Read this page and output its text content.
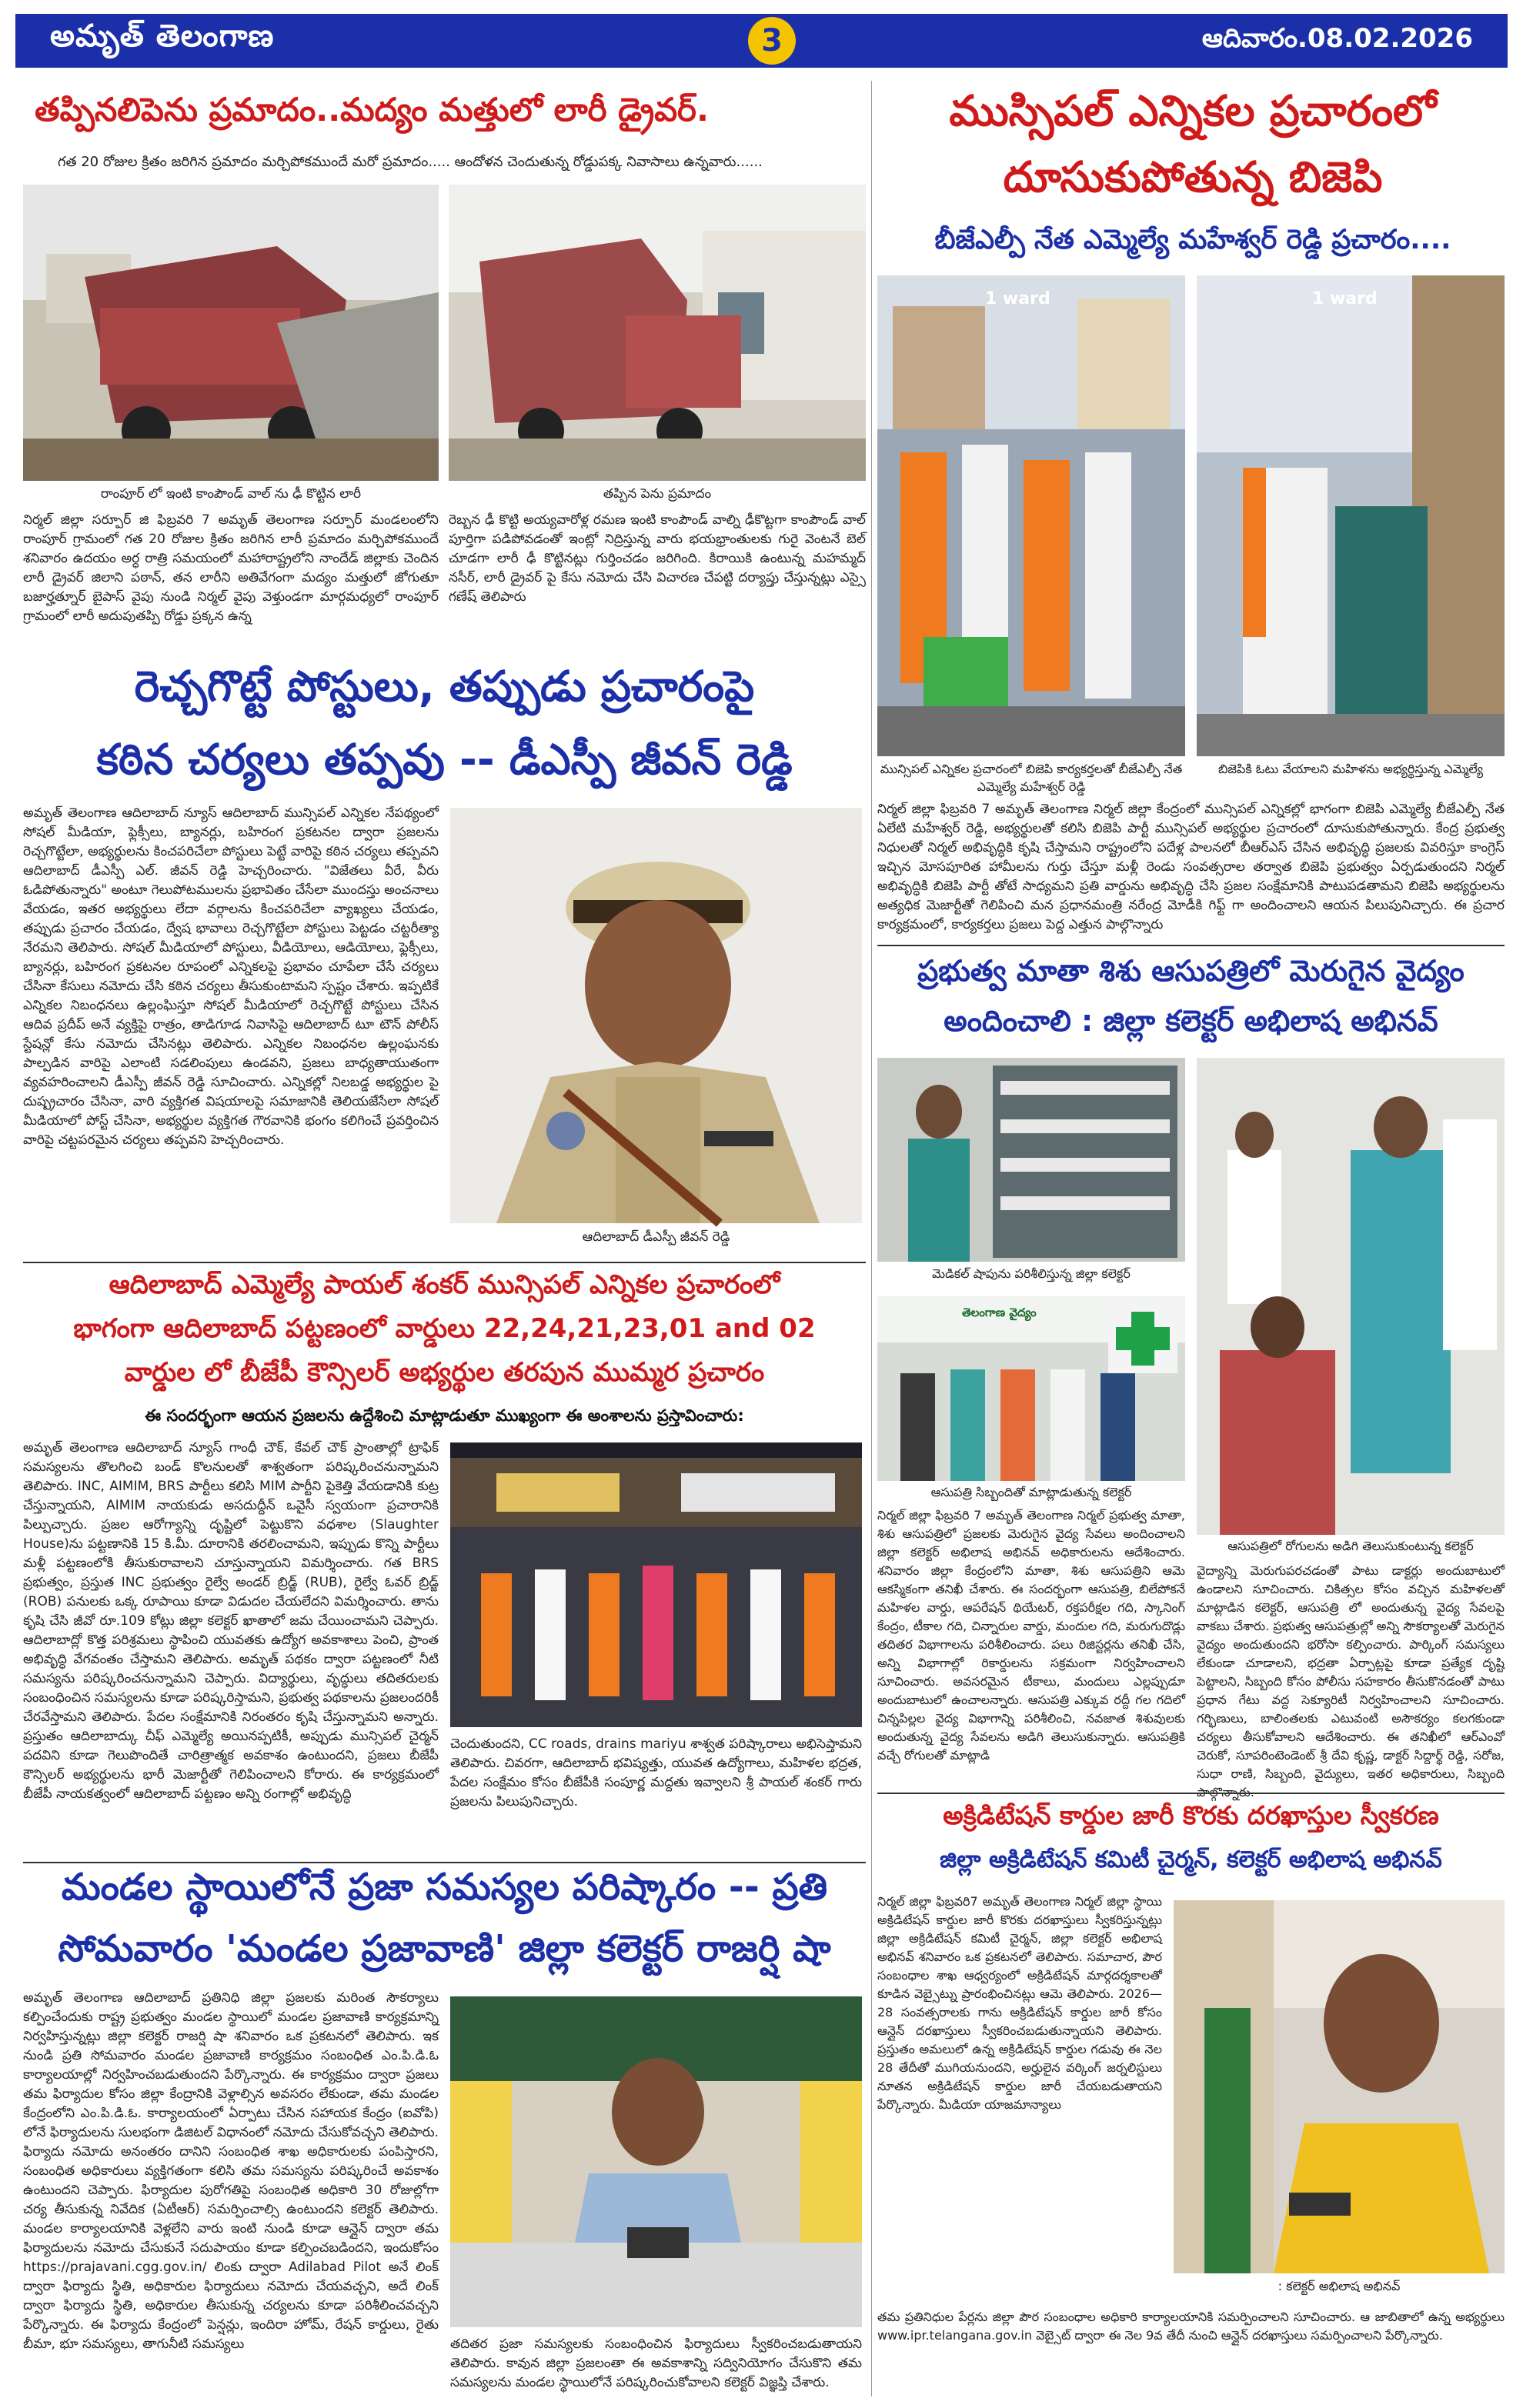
అమృత్ తెలంగాణ	3	ఆదివారం.08.02.2026
తప్పినలిపెను ప్రమాదం..మద్యం మత్తులో లారీ డ్రైవర్.
గత 20 రోజుల క్రితం జరిగిన ప్రమాదం మర్చిపోకముందే మరో ప్రమాదం..... ఆందోళన చెందుతున్న రోడ్డుపక్క నివాసాలు ఉన్నవారు......
రాంపూర్ లో ఇంటి కాంపౌండ్ వాల్ ను ఢీ కొట్టిన లారీ	తప్పిన పెను ప్రమాదం
నిర్మల్ జిల్లా సర్పూర్ జి ఫిబ్రవరి 7 అమృత్ తెలంగాణ సర్పూర్ మండలంలోని రాంపూర్ గ్రామంలో గత 20 రోజుల క్రితం జరిగిన లారీ ప్రమాదం మర్చిపోకముందే శనివారం ఉదయం అర్ధ రాత్రి సమయంలో మహారాష్ట్రలోని నాందేడ్ జిల్లాకు చెందిన లారీ డ్రైవర్ జిలాని పఠాన్, తన లారీని అతివేగంగా మద్యం మత్తులో జోగుతూ బజార్హత్నూర్ బైపాస్ వైపు నుండి నిర్మల్ వైపు వెళ్తుండగా మార్గమధ్యలో రాంపూర్ గ్రామంలో లారీ అదుపుతప్పి రోడ్డు ప్రక్కన ఉన్న
రెబ్బన ఢీ కొట్టి అయ్యవారోళ్ల రమణ ఇంటి కాంపౌండ్ వాల్ని ఢీకొట్టగా కాంపౌండ్ వాల్ పూర్తిగా పడిపోవడంతో ఇంట్లో నిద్రిస్తున్న వారు భయభ్రాంతులకు గురై వెంటనే బెల్ చూడగా లారీ ఢీ కొట్టినట్లు గుర్తించడం జరిగింది. కిరాయికి ఉంటున్న మహమ్మద్ నసీర్, లారీ డ్రైవర్ పై కేసు నమోదు చేసి విచారణ చేపట్టి దర్యాప్తు చేస్తున్నట్లు ఎస్సై గణేష్ తెలిపారు
రెచ్చగొట్టే పోస్టులు, తప్పుడు ప్రచారంపై
కఠిన చర్యలు తప్పవు -- డీఎస్పీ జీవన్ రెడ్డి
అమృత్ తెలంగాణ ఆదిలాబాద్ న్యూస్ ఆదిలాబాద్ మున్సిపల్ ఎన్నికల నేపథ్యంలో సోషల్ మీడియా, ఫ్లెక్సీలు, బ్యానర్లు, బహిరంగ ప్రకటనల ద్వారా ప్రజలను రెచ్చగొట్టేలా, అభ్యర్థులను కించపరిచేలా పోస్టులు పెట్టే వారిపై కఠిన చర్యలు తప్పవని ఆదిలాబాద్ డీఎస్పీ ఎల్. జీవన్ రెడ్డి హెచ్చరించారు. "విజేతలు వీరే, వీరు ఓడిపోతున్నారు" అంటూ గెలుపోటములను ప్రభావితం చేసేలా ముందస్తు అంచనాలు వేయడం, ఇతర అభ్యర్థులు లేదా వర్గాలను కించపరిచేలా వ్యాఖ్యలు చేయడం, తప్పుడు ప్రచారం చేయడం, ద్వేష భావాలు రెచ్చగొట్టేలా పోస్టులు పెట్టడం చట్టరీత్యా నేరమని తెలిపారు. సోషల్ మీడియాలో పోస్టులు, వీడియోలు, ఆడియోలు, ఫ్లెక్సీలు, బ్యానర్లు, బహిరంగ ప్రకటనల రూపంలో ఎన్నికలపై ప్రభావం చూపేలా చేసే చర్యలు చేసినా కేసులు నమోదు చేసి కఠిన చర్యలు తీసుకుంటామని స్పష్టం చేశారు. ఇప్పటికే ఎన్నికల నిబంధనలు ఉల్లంఘిస్తూ సోషల్ మీడియాలో రెచ్చగొట్టే పోస్టులు చేసిన ఆదివ ప్రదీప్ అనే వ్యక్తిపై రాత్రం, తాడిగూడ నివాసిపై ఆదిలాబాద్ టూ టౌన్ పోలీస్ స్టేషన్లో కేసు నమోదు చేసినట్లు తెలిపారు. ఎన్నికల నిబంధనల ఉల్లంఘనకు పాల్పడిన వారిపై ఎలాంటి సడలింపులు ఉండవని, ప్రజలు బాధ్యతాయుతంగా వ్యవహరించాలని డీఎస్పీ జీవన్ రెడ్డి సూచించారు. ఎన్నికల్లో నిలబడ్డ అభ్యర్థుల పై దుష్ప్రచారం చేసినా, వారి వ్యక్తిగత విషయాలపై సమాజానికి తెలియజేసేలా సోషల్ మీడియాలో పోస్ట్ చేసినా, అభ్యర్థుల వ్యక్తిగత గౌరవానికి భంగం కలిగించే ప్రవర్తించిన వారిపై చట్టపరమైన చర్యలు తప్పవని హెచ్చరించారు.
ఆదిలాబాద్ డీఎస్పీ జీవన్ రెడ్డి
ఆదిలాబాద్ ఎమ్మెల్యే పాయల్ శంకర్ మున్సిపల్ ఎన్నికల ప్రచారంలో
భాగంగా ఆదిలాబాద్ పట్టణంలో వార్డులు 22,24,21,23,01 and 02
వార్డుల లో బీజేపీ కౌన్సిలర్ అభ్యర్థుల తరపున ముమ్మర ప్రచారం
ఈ సందర్భంగా ఆయన ప్రజలను ఉద్దేశించి మాట్లాడుతూ ముఖ్యంగా ఈ అంశాలను ప్రస్తావించారు:
అమృత్ తెలంగాణ ఆదిలాబాద్ న్యూస్ గాంధీ చౌక్, కేవల్ చౌక్ ప్రాంతాల్లో ట్రాఫిక్ సమస్యలను తొలగించి బండ్ కొలనులతో శాశ్వతంగా పరిష్కరించనున్నామని తెలిపారు. INC, AIMIM, BRS పార్టీలు కలిసి MIM పార్టీని పైకెత్తి వేయడానికి కుట్ర చేస్తున్నాయని, AIMIM నాయకుడు అసదుద్దీన్ ఒవైసీ స్వయంగా ప్రచారానికి పిల్పుచ్చారు. ప్రజల ఆరోగ్యాన్ని దృష్టిలో పెట్టుకొని వధశాల (Slaughter House)ను పట్టణానికి 15 కి.మీ. దూరానికి తరలించామని, ఇప్పుడు కొన్ని పార్టీలు మళ్లీ పట్టణంలోకి తీసుకురావాలని చూస్తున్నాయని విమర్శించారు. గత BRS ప్రభుత్వం, ప్రస్తుత INC ప్రభుత్వం రైల్వే అండర్ బ్రిడ్జ్ (RUB), రైల్వే ఓవర్ బ్రిడ్జ్ (ROB) పనులకు ఒక్క రూపాయి కూడా విడుదల చేయలేదని విమర్శించారు. తాను కృషి చేసి జీవో రూ.109 కోట్లు జిల్లా కలెక్టర్ ఖాతాలో జమ చేయించామని చెప్పారు. ఆదిలాబాద్లో కొత్త పరిశ్రమలు స్థాపించి యువతకు ఉద్యోగ అవకాశాలు పెంచి, ప్రాంత అభివృద్ధి వేగవంతం చేస్తామని తెలిపారు. అమృత్ పథకం ద్వారా పట్టణంలో నీటి సమస్యను పరిష్కరించనున్నామని చెప్పారు. విద్యార్థులు, వృద్ధులు తదితరులకు సంబంధించిన సమస్యలను కూడా పరిష్కరిస్తామని, ప్రభుత్వ పథకాలను ప్రజలందరికీ చేరవేస్తామని తెలిపారు. పేదల సంక్షేమానికి నిరంతరం కృషి చేస్తున్నామని అన్నారు. ప్రస్తుతం ఆదిలాబాద్కు చీఫ్ ఎమ్మెల్యే అయినప్పటికీ, అప్పుడు మున్సిపల్ చైర్మన్ పదవిని కూడా గెలుపొందితే చారిత్రాత్మక అవకాశం ఉంటుందని, ప్రజలు బీజేపీ కౌన్సిలర్ అభ్యర్థులను భారీ మెజార్టీతో గెలిపించాలని కోరారు. ఈ కార్యక్రమంలో బీజేపీ నాయకత్వంలో ఆదిలాబాద్ పట్టణం అన్ని రంగాల్లో అభివృద్ధి
చెందుతుందని, CC roads, drains mariyu శాశ్వత పరిష్కారాలు అభిసెప్తామని తెలిపారు. చివరగా, ఆదిలాబాద్ భవిష్యత్తు, యువత ఉద్యోగాలు, మహిళల భద్రత, పేదల సంక్షేమం కోసం బీజేపీకి సంపూర్ణ మద్దతు ఇవ్వాలని శ్రీ పాయల్ శంకర్ గారు ప్రజలను పిలుపునిచ్చారు.
మండల స్థాయిలోనే ప్రజా సమస్యల పరిష్కారం -- ప్రతి
సోమవారం 'మండల ప్రజావాణి' జిల్లా కలెక్టర్ రాజర్షి షా
అమృత్ తెలంగాణ ఆదిలాబాద్ ప్రతినిధి జిల్లా ప్రజలకు మరింత సౌకర్యాలు కల్పించేందుకు రాష్ట్ర ప్రభుత్వం మండల స్థాయిలో మండల ప్రజావాణి కార్యక్రమాన్ని నిర్వహిస్తున్నట్లు జిల్లా కలెక్టర్ రాజర్షి షా శనివారం ఒక ప్రకటనలో తెలిపారు. ఇక నుండి ప్రతి సోమవారం మండల ప్రజావాణి కార్యక్రమం సంబంధిత ఎం.పి.డి.ఓ కార్యాలయాల్లో నిర్వహించబడుతుందని పేర్కొన్నారు. ఈ కార్యక్రమం ద్వారా ప్రజలు తమ ఫిర్యాదుల కోసం జిల్లా కేంద్రానికి వెళ్లాల్సిన అవసరం లేకుండా, తమ మండల కేంద్రంలోని ఎం.పి.డి.ఓ. కార్యాలయంలో ఏర్పాటు చేసిన సహాయక కేంద్రం (ఐవోపి) లోనే ఫిర్యాదులను సులభంగా డిజిటల్ విధానంలో నమోదు చేసుకోవచ్చని తెలిపారు. ఫిర్యాదు నమోదు అనంతరం దానిని సంబంధిత శాఖ అధికారులకు పంపిస్తారని, సంబంధిత అధికారులు వ్యక్తిగతంగా కలిసి తమ సమస్యను పరిష్కరించే అవకాశం ఉంటుందని చెప్పారు. ఫిర్యాదుల పురోగతిపై సంబంధిత అధికారి 30 రోజుల్లోగా చర్య తీసుకున్న నివేదిక (ఏటీఆర్) సమర్పించాల్సి ఉంటుందని కలెక్టర్ తెలిపారు. మండల కార్యాలయానికి వెళ్లలేని వారు ఇంటి నుండి కూడా ఆన్లైన్ ద్వారా తమ ఫిర్యాదులను నమోదు చేసుకునే సదుపాయం కూడా కల్పించబడిందని, ఇందుకోసం https://prajavani.cgg.gov.in/ లింకు ద్వారా Adilabad Pilot అనే లింక్ ద్వారా ఫిర్యాదు స్థితి, అధికారుల ఫిర్యాదులు నమోదు చేయవచ్చని, అదే లింక్ ద్వారా ఫిర్యాదు స్థితి, అధికారుల తీసుకున్న చర్యలను కూడా పరిశీలించవచ్చని పేర్కొన్నారు. ఈ ఫిర్యాదు కేంద్రంలో పెన్షన్లు, ఇందిరా హోమ్, రేషన్ కార్డులు, రైతు బీమా, భూ సమస్యలు, తాగునీటి సమస్యలు	తదితర ప్రజా సమస్యలకు సంబంధించిన ఫిర్యాదులు స్వీకరించబడుతాయని తెలిపారు. కావున జిల్లా ప్రజలంతా ఈ అవకాశాన్ని సద్వినియోగం చేసుకొని తమ సమస్యలను మండల స్థాయిలోనే పరిష్కరించుకోవాలని కలెక్టర్ విజ్ఞప్తి చేశారు.
ముస్సిపల్ ఎన్నికల ప్రచారంలో
దూసుకుపోతున్న బిజెపి
బీజేఎల్పీ నేత ఎమ్మెల్యే మహేశ్వర్ రెడ్డి ప్రచారం....
1 ward	1 ward
మున్సిపల్ ఎన్నికల ప్రచారంలో బిజెపి కార్యకర్తలతో బీజేఎల్పీ నేత ఎమ్మెల్యే మహేశ్వర్ రెడ్డి
బిజెపికి ఓటు వేయాలని మహిళను అభ్యర్థిస్తున్న ఎమ్మెల్యే
నిర్మల్ జిల్లా ఫిబ్రవరి 7 అమృత్ తెలంగాణ నిర్మల్ జిల్లా కేంద్రంలో మున్సిపల్ ఎన్నికల్లో భాగంగా బిజెపి ఎమ్మెల్యే బీజేఎల్పీ నేత ఏలేటి మహేశ్వర్ రెడ్డి, అభ్యర్థులతో కలిసి బిజెపి పార్టీ మున్సిపల్ అభ్యర్థుల ప్రచారంలో దూసుకుపోతున్నారు. కేంద్ర ప్రభుత్వ నిధులతో నిర్మల్ అభివృద్ధికి కృషి చేస్తామని రాష్ట్రంలోని పదేళ్ల పాలనలో బీఆర్ఎస్ చేసిన అభివృద్ధి ప్రజలకు వివరిస్తూ కాంగ్రెస్ ఇచ్చిన మోసపూరిత హామీలను గుర్తు చేస్తూ మళ్లీ రెండు సంవత్సరాల తర్వాత బిజెపి ప్రభుత్వం ఏర్పడుతుందని నిర్మల్ అభివృద్ధికి బిజెపి పార్టీ తోటే సాధ్యమని ప్రతి వార్డును అభివృద్ధి చేసి ప్రజల సంక్షేమానికి పాటుపడతామని బిజెపి అభ్యర్థులను అత్యధిక మెజార్టీతో గెలిపించి మన ప్రధానమంత్రి నరేంద్ర మోడీకి గిఫ్ట్ గా అందించాలని ఆయన పిలుపునిచ్చారు. ఈ ప్రచార కార్యక్రమంలో, కార్యకర్తలు ప్రజలు పెద్ద ఎత్తున పాల్గొన్నారు
ప్రభుత్వ మాతా శిశు ఆసుపత్రిలో మెరుగైన వైద్యం
అందించాలి : జిల్లా కలెక్టర్ అభిలాష అభినవ్
మెడికల్ షాపును పరిశీలిస్తున్న జిల్లా కలెక్టర్
తెలంగాణ వైద్యం
ఆసుపత్రి సిబ్బందితో మాట్లాడుతున్న కలెక్టర్
ఆసుపత్రిలో రోగులను అడిగి తెలుసుకుంటున్న కలెక్టర్
నిర్మల్ జిల్లా ఫిబ్రవరి 7 అమృత్ తెలంగాణ నిర్మల్ ప్రభుత్వ మాతా, శిశు ఆసుపత్రిలో ప్రజలకు మెరుగైన వైద్య సేవలు అందించాలని జిల్లా కలెక్టర్ అభిలాష అభినవ్ అధికారులను ఆదేశించారు. శనివారం జిల్లా కేంద్రంలోని మాతా, శిశు ఆసుపత్రిని ఆమె ఆకస్మికంగా తనిఖీ చేశారు. ఈ సందర్భంగా ఆసుపత్రి, బిలేపోకనే మహిళల వార్డు, ఆపరేషన్ థియేటర్, రక్తపరీక్షల గది, స్కానింగ్ కేంద్రం, టీకాల గది, చిన్నారుల వార్డు, మందుల గది, మరుగుదొడ్లు తదితర విభాగాలను పరిశీలించారు. పలు రిజిస్టర్లను తనిఖీ చేసి, అన్ని విభాగాల్లో రికార్డులను సక్రమంగా నిర్వహించాలని సూచించారు. అవసరమైన టీకాలు, మందులు ఎల్లప్పుడూ అందుబాటులో ఉంచాలన్నారు. ఆసుపత్రి ఎక్కువ రద్దీ గల గదిలో చిన్నపిల్లల వైద్య విభాగాన్ని పరిశీలించి, నవజాత శిశువులకు అందుతున్న వైద్య సేవలను అడిగి తెలుసుకున్నారు. ఆసుపత్రికి వచ్చే రోగులతో మాట్లాడి
వైద్యాన్ని మెరుగుపరచడంతో పాటు డాక్టర్లు అందుబాటులో ఉండాలని సూచించారు. చికిత్సల కోసం వచ్చిన మహిళలతో మాట్లాడిన కలెక్టర్, ఆసుపత్రి లో అందుతున్న వైద్య సేవలపై వాకబు చేశారు. ప్రభుత్వ ఆసుపత్రుల్లో అన్ని సౌకర్యాలతో మెరుగైన వైద్యం అందుతుందని భరోసా కల్పించారు. పార్కింగ్ సమస్యలు లేకుండా చూడాలని, భద్రతా ఏర్పాట్లపై కూడా ప్రత్యేక దృష్టి పెట్టాలని, సిబ్బంది కోసం పోలీసు సహకారం తీసుకొనడంతో పాటు ప్రధాన గేటు వద్ద సెక్యూరిటీ నిర్వహించాలని సూచించారు. గర్భిణులు, బాలింతలకు ఎటువంటి అసౌకర్యం కలగకుండా చర్యలు తీసుకోవాలని ఆదేశించారు. ఈ తనిఖీలో ఆర్ఎంవో చెరుకో, సూపరింటెండెంట్ శ్రీ దేవి కృష్ణ, డాక్టర్ సిద్దార్థ్ రెడ్డి, సరోజ, సుధా రాణి, సిబ్బంది, వైద్యులు, ఇతర అధికారులు, సిబ్బంది
అక్రిడిటేషన్ కార్డుల జారీ కొరకు దరఖాస్తుల స్వీకరణ
జిల్లా అక్రిడిటేషన్ కమిటీ చైర్మన్, కలెక్టర్ అభిలాష అభినవ్
నిర్మల్ జిల్లా ఫిబ్రవరి7 అమృత్ తెలంగాణ నిర్మల్ జిల్లా స్థాయి అక్రిడిటేషన్ కార్డుల జారీ కొరకు దరఖాస్తులు స్వీకరిస్తున్నట్లు జిల్లా అక్రిడిటేషన్ కమిటీ చైర్మన్, జిల్లా కలెక్టర్ అభిలాష అభినవ్ శనివారం ఒక ప్రకటనలో తెలిపారు. సమాచార, పౌర సంబంధాల శాఖ ఆధ్వర్యంలో అక్రిడిటేషన్ మార్గదర్శకాలతో కూడిన వెబ్సైట్ను ప్రారంభించినట్లు ఆమె తెలిపారు. 2026—28 సంవత్సరాలకు గాను అక్రిడిటేషన్ కార్డుల జారీ కోసం ఆన్లైన్ దరఖాస్తులు స్వీకరించబడుతున్నాయని తెలిపారు. ప్రస్తుతం అమలులో ఉన్న అక్రిడిటేషన్ కార్డుల గడువు ఈ నెల 28 తేదీతో ముగియనుందని, అర్హులైన వర్కింగ్ జర్నలిస్టులు నూతన అక్రిడిటేషన్ కార్డుల జారీ చేయబడుతాయని పేర్కొన్నారు. మీడియా యాజమాన్యాలు
: కలెక్టర్ అభిలాష అభినవ్
తమ ప్రతినిధుల పేర్లను జిల్లా పౌర సంబంధాల అధికారి కార్యాలయానికి సమర్పించాలని సూచించారు. ఆ జాబితాలో ఉన్న అభ్యర్థులు www.ipr.telangana.gov.in వెబ్సైట్ ద్వారా ఈ నెల 9వ తేదీ నుంచి ఆన్లైన్ దరఖాస్తులు సమర్పించాలని పేర్కొన్నారు.
